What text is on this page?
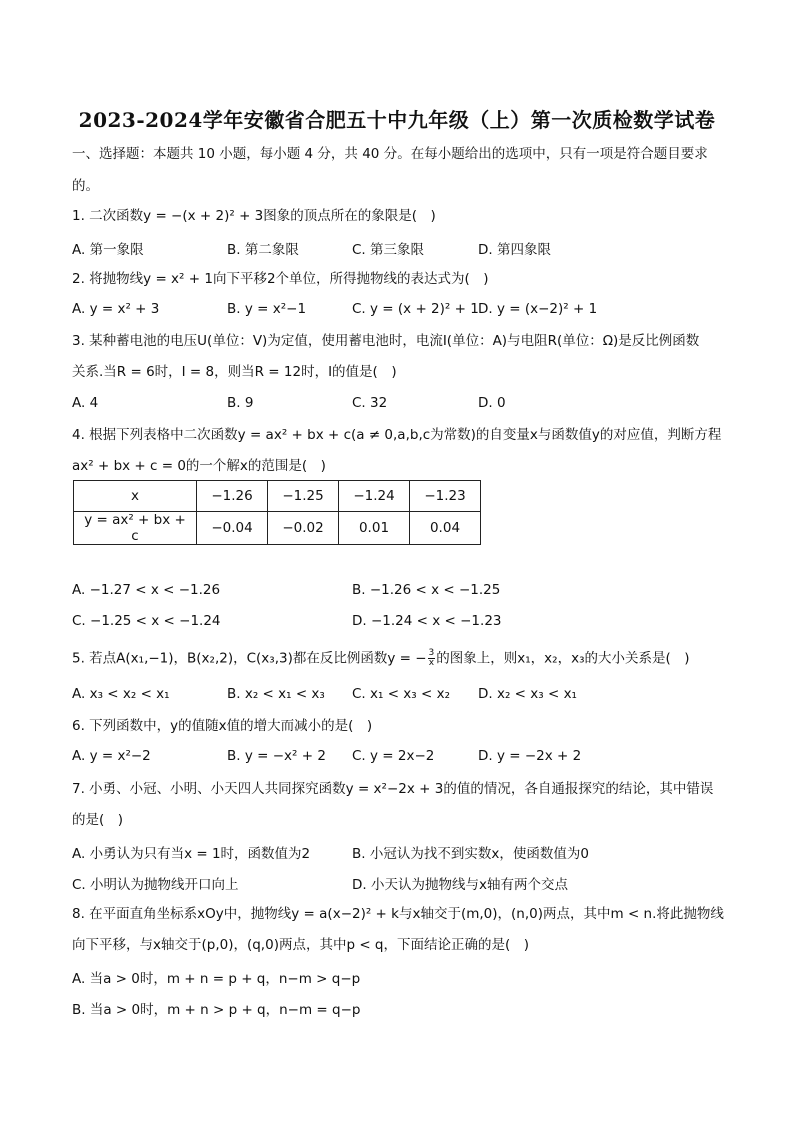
2023-2024学年安徽省合肥五十中九年级（上）第一次质检数学试卷
一、选择题：本题共 10 小题，每小题 4 分，共 40 分。在每小题给出的选项中，只有一项是符合题目要求
的。
1. 二次函数y = −(x + 2)² + 3图象的顶点所在的象限是(　)
A. 第一象限	B. 第二象限	C. 第三象限	D. 第四象限
2. 将抛物线y = x² + 1向下平移2个单位，所得抛物线的表达式为(　)
A. y = x² + 3	B. y = x²−1	C. y = (x + 2)² + 1 D. y = (x−2)² + 1
3. 某种蓄电池的电压U(单位：V)为定值，使用蓄电池时，电流I(单位：A)与电阻R(单位：Ω)是反比例函数
关系.当R = 6时，I = 8，则当R = 12时，I的值是(　)
A. 4	B. 9	C. 32	D. 0
4. 根据下列表格中二次函数y = ax² + bx + c(a ≠ 0,a,b,c为常数)的自变量x与函数值y的对应值，判断方程
ax² + bx + c = 0的一个解x的范围是(　)
x	−1.26	−1.25	−1.24	−1.23
y = ax² + bx + c	−0.04	−0.02	0.01	0.04
A. −1.27 < x < −1.26	B. −1.26 < x < −1.25
C. −1.25 < x < −1.24	D. −1.24 < x < −1.23
5. 若点A(x₁,−1)，B(x₂,2)，C(x₃,3)都在反比例函数y = − $\frac{3}{x}$ 的图象上，则x₁，x₂，x₃的大小关系是(　)
A. x₃ < x₂ < x₁	B. x₂ < x₁ < x₃ C. x₁ < x₃ < x₂ D. x₂ < x₃ < x₁
6. 下列函数中，y的值随x值的增大而减小的是(　)
A. y = x²−2	B. y = −x² + 2 C. y = 2x−2	D. y = −2x + 2
7. 小勇、小冠、小明、小天四人共同探究函数y = x²−2x + 3的值的情况，各自通报探究的结论，其中错误
的是(　)
A. 小勇认为只有当x = 1时，函数值为2	B. 小冠认为找不到实数x，使函数值为0
C. 小明认为抛物线开口向上	D. 小天认为抛物线与x轴有两个交点
8. 在平面直角坐标系xOy中，抛物线y = a(x−2)² + k与x轴交于(m,0)，(n,0)两点，其中m < n.将此抛物线
向下平移，与x轴交于(p,0)，(q,0)两点，其中p < q，下面结论正确的是(　)
A. 当a > 0时，m + n = p + q，n−m > q−p
B. 当a > 0时，m + n > p + q，n−m = q−p
